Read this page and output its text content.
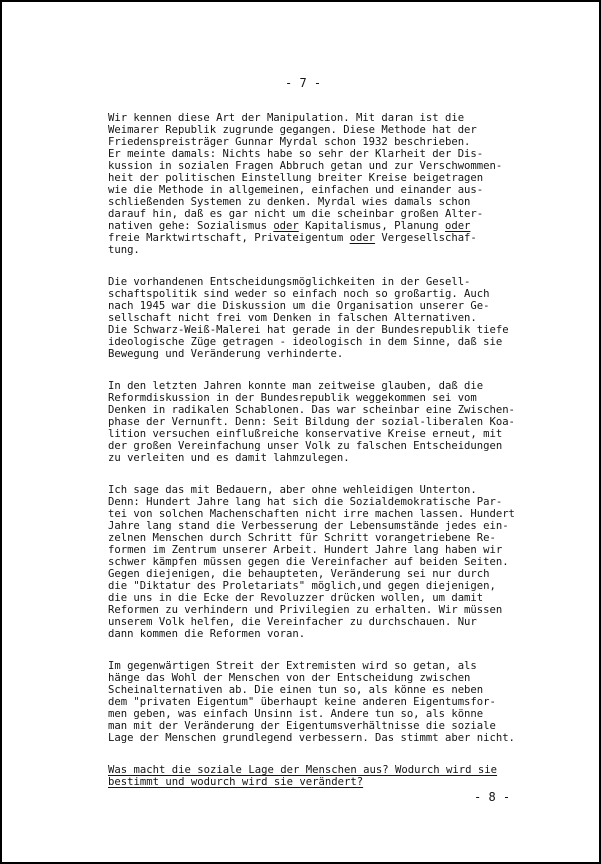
- 7 -
Wir kennen diese Art der Manipulation. Mit daran ist die
Weimarer Republik zugrunde gegangen. Diese Methode hat der
Friedenspreisträger Gunnar Myrdal schon 1932 beschrieben.
Er meinte damals: Nichts habe so sehr der Klarheit der Dis-
kussion in sozialen Fragen Abbruch getan und zur Verschwommen-
heit der politischen Einstellung breiter Kreise beigetragen
wie die Methode in allgemeinen, einfachen und einander aus-
schließenden Systemen zu denken. Myrdal wies damals schon
darauf hin, daß es gar nicht um die scheinbar großen Alter-
nativen gehe: Sozialismus oder Kapitalismus, Planung oder
freie Marktwirtschaft, Privateigentum oder Vergesellschaf-
tung.
Die vorhandenen Entscheidungsmöglichkeiten in der Gesell-
schaftspolitik sind weder so einfach noch so großartig. Auch
nach 1945 war die Diskussion um die Organisation unserer Ge-
sellschaft nicht frei vom Denken in falschen Alternativen.
Die Schwarz-Weiß-Malerei hat gerade in der Bundesrepublik tiefe
ideologische Züge getragen - ideologisch in dem Sinne, daß sie
Bewegung und Veränderung verhinderte.
In den letzten Jahren konnte man zeitweise glauben, daß die
Reformdiskussion in der Bundesrepublik weggekommen sei vom
Denken in radikalen Schablonen. Das war scheinbar eine Zwischen-
phase der Vernunft. Denn: Seit Bildung der sozial-liberalen Koa-
lition versuchen einflußreiche konservative Kreise erneut, mit
der großen Vereinfachung unser Volk zu falschen Entscheidungen
zu verleiten und es damit lahmzulegen.
Ich sage das mit Bedauern, aber ohne wehleidigen Unterton.
Denn: Hundert Jahre lang hat sich die Sozialdemokratische Par-
tei von solchen Machenschaften nicht irre machen lassen. Hundert
Jahre lang stand die Verbesserung der Lebensumstände jedes ein-
zelnen Menschen durch Schritt für Schritt vorangetriebene Re-
formen im Zentrum unserer Arbeit. Hundert Jahre lang haben wir
schwer kämpfen müssen gegen die Vereinfacher auf beiden Seiten.
Gegen diejenigen, die behaupteten, Veränderung sei nur durch
die "Diktatur des Proletariats" möglich,und gegen diejenigen,
die uns in die Ecke der Revoluzzer drücken wollen, um damit
Reformen zu verhindern und Privilegien zu erhalten. Wir müssen
unserem Volk helfen, die Vereinfacher zu durchschauen. Nur
dann kommen die Reformen voran.
Im gegenwärtigen Streit der Extremisten wird so getan, als
hänge das Wohl der Menschen von der Entscheidung zwischen
Scheinalternativen ab. Die einen tun so, als könne es neben
dem "privaten Eigentum" überhaupt keine anderen Eigentumsfor-
men geben, was einfach Unsinn ist. Andere tun so, als könne
man mit der Veränderung der Eigentumsverhältnisse die soziale
Lage der Menschen grundlegend verbessern. Das stimmt aber nicht.
Was macht die soziale Lage der Menschen aus? Wodurch wird sie
bestimmt und wodurch wird sie verändert?
- 8 -
